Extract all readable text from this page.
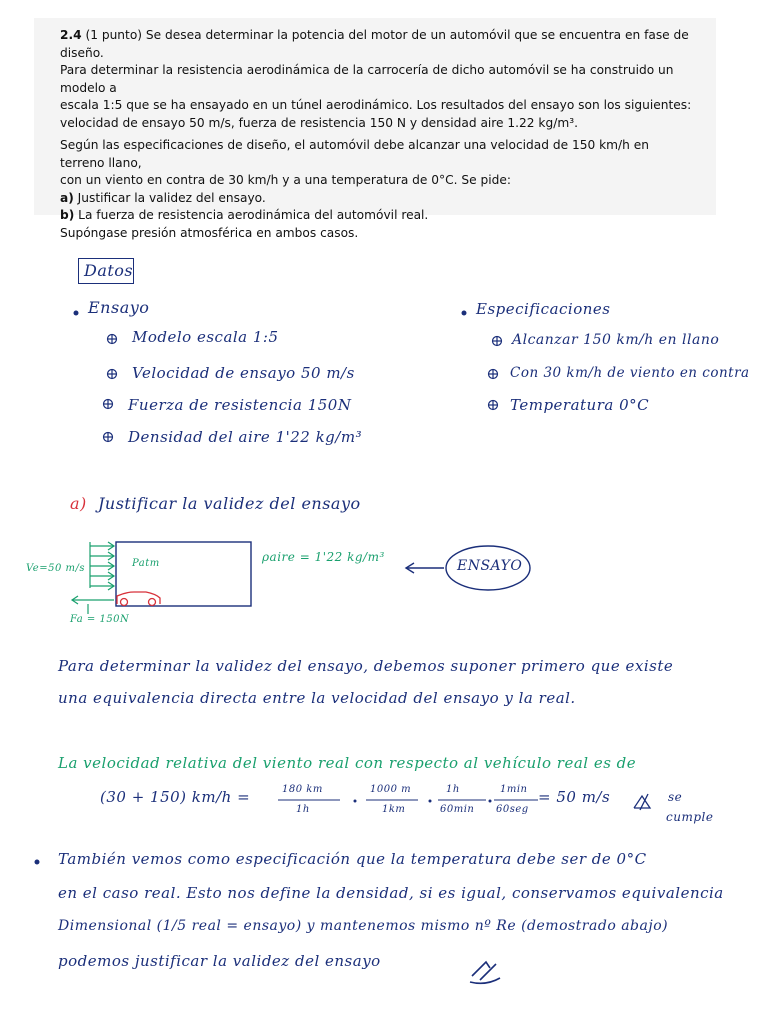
2.4 (1 punto) Se desea determinar la potencia del motor de un automóvil que se encuentra en fase de diseño.
Para determinar la resistencia aerodinámica de la carrocería de dicho automóvil se ha construido un modelo a
escala 1:5 que se ha ensayado en un túnel aerodinámico. Los resultados del ensayo son los siguientes:
velocidad de ensayo 50 m/s, fuerza de resistencia 150 N y densidad aire 1.22 kg/m³.

Según las especificaciones de diseño, el automóvil debe alcanzar una velocidad de 150 km/h en terreno llano,
con un viento en contra de 30 km/h y a una temperatura de 0°C. Se pide:
a) Justificar la validez del ensayo.
b) La fuerza de resistencia aerodinámica del automóvil real.
Supóngase presión atmosférica en ambos casos.

Datos
Ensayo
Modelo escala 1:5
Velocidad de ensayo 50 m/s
Fuerza de resistencia 150N
Densidad del aire 1'22 kg/m³
Especificaciones
Alcanzar 150 km/h en llano
Con 30 km/h de viento en contra
Temperatura 0°C
a) Justificar la validez del ensayo
Ve=50 m/s
Fa = 150N
Patm	ρaire = 1'22 kg/m³
ENSAYO
Para determinar la validez del ensayo, debemos suponer primero que existe
una equivalencia directa entre la velocidad del ensayo y la real.
La velocidad relativa del viento real con respecto al vehículo real es de
(30 + 150) km/h =	180 km
1h
1000 m
1km
1h
60min
1min
60seg
= 50 m/s	se
cumple
También vemos como especificación que la temperatura debe ser de 0°C
en el caso real. Esto nos define la densidad, si es igual, conservamos equivalencia
Dimensional (1/5 real = ensayo) y mantenemos mismo nº Re (demostrado abajo)
podemos justificar la validez del ensayo
